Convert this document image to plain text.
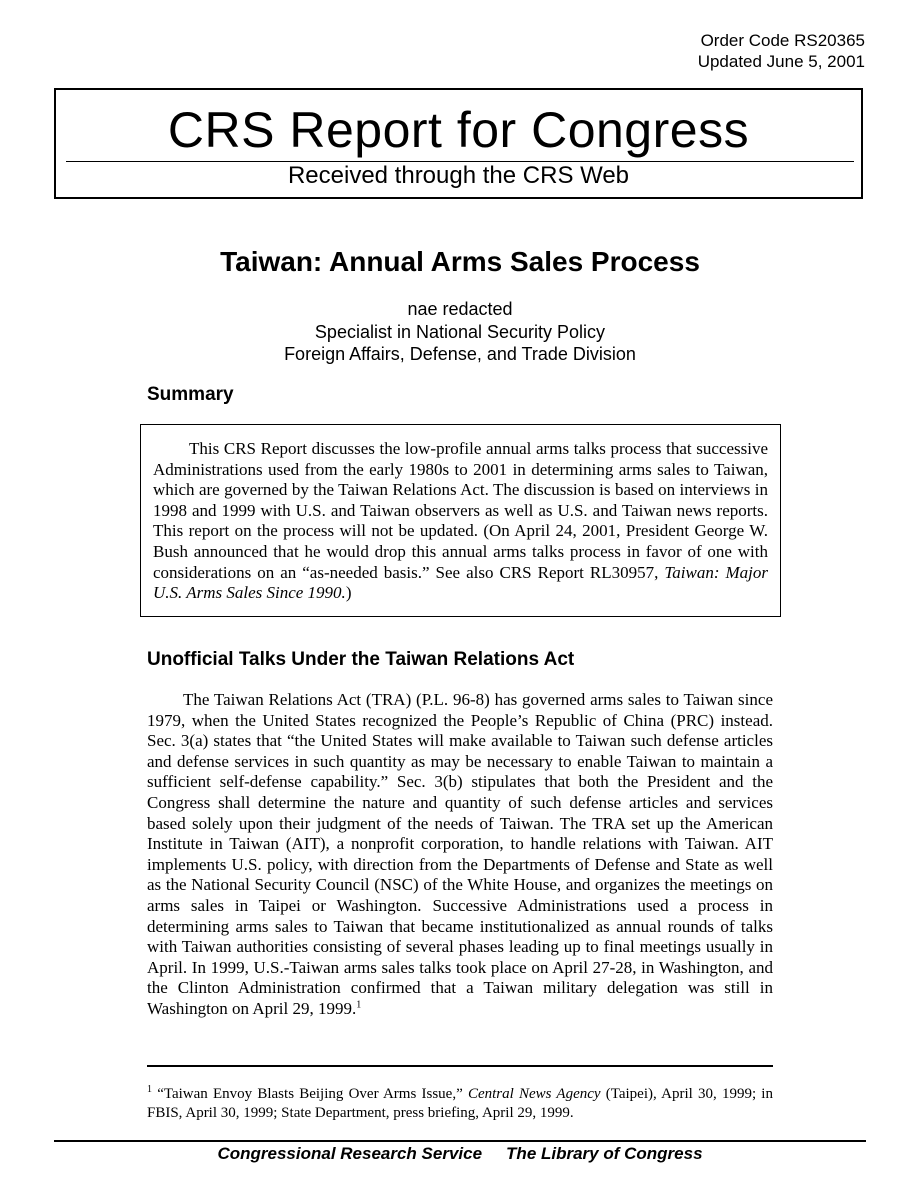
Order Code RS20365
Updated June 5, 2001
CRS Report for Congress
Received through the CRS Web
Taiwan: Annual Arms Sales Process
nae redacted
Specialist in National Security Policy
Foreign Affairs, Defense, and Trade Division
Summary

This CRS Report discusses the low-profile annual arms talks process that successive Administrations used from the early 1980s to 2001 in determining arms sales to Taiwan, which are governed by the Taiwan Relations Act. The discussion is based on interviews in 1998 and 1999 with U.S. and Taiwan observers as well as U.S. and Taiwan news reports. This report on the process will not be updated. (On April 24, 2001, President George W. Bush announced that he would drop this annual arms talks process in favor of one with considerations on an “as-needed basis.” See also CRS Report RL30957, Taiwan: Major U.S. Arms Sales Since 1990.)

Unofficial Talks Under the Taiwan Relations Act

The Taiwan Relations Act (TRA) (P.L. 96-8) has governed arms sales to Taiwan since 1979, when the United States recognized the People’s Republic of China (PRC) instead. Sec. 3(a) states that “the United States will make available to Taiwan such defense articles and defense services in such quantity as may be necessary to enable Taiwan to maintain a sufficient self-defense capability.” Sec. 3(b) stipulates that both the President and the Congress shall determine the nature and quantity of such defense articles and services based solely upon their judgment of the needs of Taiwan. The TRA set up the American Institute in Taiwan (AIT), a nonprofit corporation, to handle relations with Taiwan. AIT implements U.S. policy, with direction from the Departments of Defense and State as well as the National Security Council (NSC) of the White House, and organizes the meetings on arms sales in Taipei or Washington. Successive Administrations used a process in determining arms sales to Taiwan that became institutionalized as annual rounds of talks with Taiwan authorities consisting of several phases leading up to final meetings usually in April. In 1999, U.S.-Taiwan arms sales talks took place on April 27-28, in Washington, and the Clinton Administration confirmed that a Taiwan military delegation was still in Washington on April 29, 1999.$^1$

$^1$ “Taiwan Envoy Blasts Beijing Over Arms Issue,” Central News Agency (Taipei), April 30, 1999; in FBIS, April 30, 1999; State Department, press briefing, April 29, 1999.
Congressional Research Service The Library of Congress
